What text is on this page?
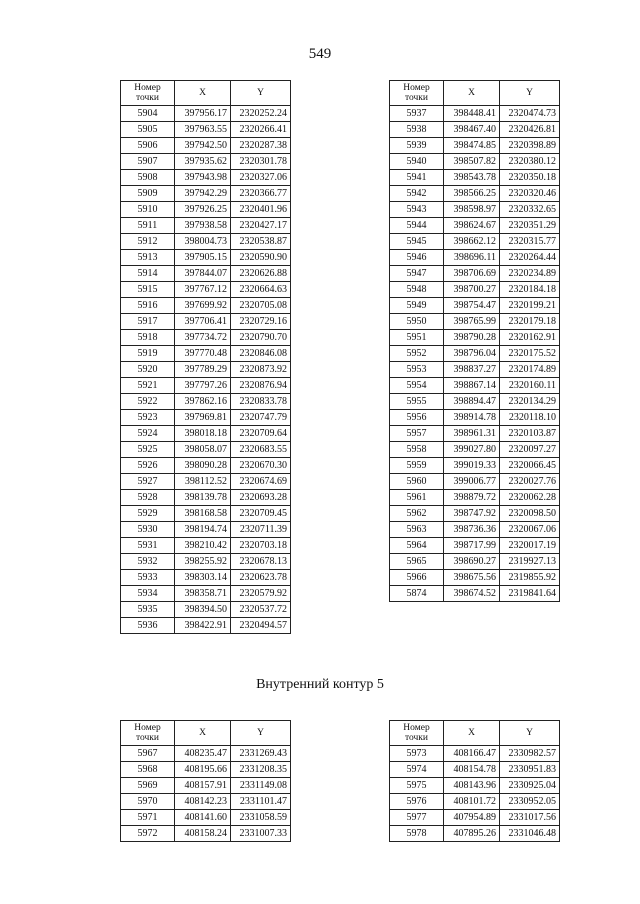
549
Номер
точки	X	Y
5904	397956.17	2320252.24
5905	397963.55	2320266.41
5906	397942.50	2320287.38
5907	397935.62	2320301.78
5908	397943.98	2320327.06
5909	397942.29	2320366.77
5910	397926.25	2320401.96
5911	397938.58	2320427.17
5912	398004.73	2320538.87
5913	397905.15	2320590.90
5914	397844.07	2320626.88
5915	397767.12	2320664.63
5916	397699.92	2320705.08
5917	397706.41	2320729.16
5918	397734.72	2320790.70
5919	397770.48	2320846.08
5920	397789.29	2320873.92
5921	397797.26	2320876.94
5922	397862.16	2320833.78
5923	397969.81	2320747.79
5924	398018.18	2320709.64
5925	398058.07	2320683.55
5926	398090.28	2320670.30
5927	398112.52	2320674.69
5928	398139.78	2320693.28
5929	398168.58	2320709.45
5930	398194.74	2320711.39
5931	398210.42	2320703.18
5932	398255.92	2320678.13
5933	398303.14	2320623.78
5934	398358.71	2320579.92
5935	398394.50	2320537.72
5936	398422.91	2320494.57
Номер
точки	X	Y
5937	398448.41	2320474.73
5938	398467.40	2320426.81
5939	398474.85	2320398.89
5940	398507.82	2320380.12
5941	398543.78	2320350.18
5942	398566.25	2320320.46
5943	398598.97	2320332.65
5944	398624.67	2320351.29
5945	398662.12	2320315.77
5946	398696.11	2320264.44
5947	398706.69	2320234.89
5948	398700.27	2320184.18
5949	398754.47	2320199.21
5950	398765.99	2320179.18
5951	398790.28	2320162.91
5952	398796.04	2320175.52
5953	398837.27	2320174.89
5954	398867.14	2320160.11
5955	398894.47	2320134.29
5956	398914.78	2320118.10
5957	398961.31	2320103.87
5958	399027.80	2320097.27
5959	399019.33	2320066.45
5960	399006.77	2320027.76
5961	398879.72	2320062.28
5962	398747.92	2320098.50
5963	398736.36	2320067.06
5964	398717.99	2320017.19
5965	398690.27	2319927.13
5966	398675.56	2319855.92
5874	398674.52	2319841.64
Внутренний контур 5
Номер
точки	X	Y
5967	408235.47	2331269.43
5968	408195.66	2331208.35
5969	408157.91	2331149.08
5970	408142.23	2331101.47
5971	408141.60	2331058.59
5972	408158.24	2331007.33
Номер
точки	X	Y
5973	408166.47	2330982.57
5974	408154.78	2330951.83
5975	408143.96	2330925.04
5976	408101.72	2330952.05
5977	407954.89	2331017.56
5978	407895.26	2331046.48
